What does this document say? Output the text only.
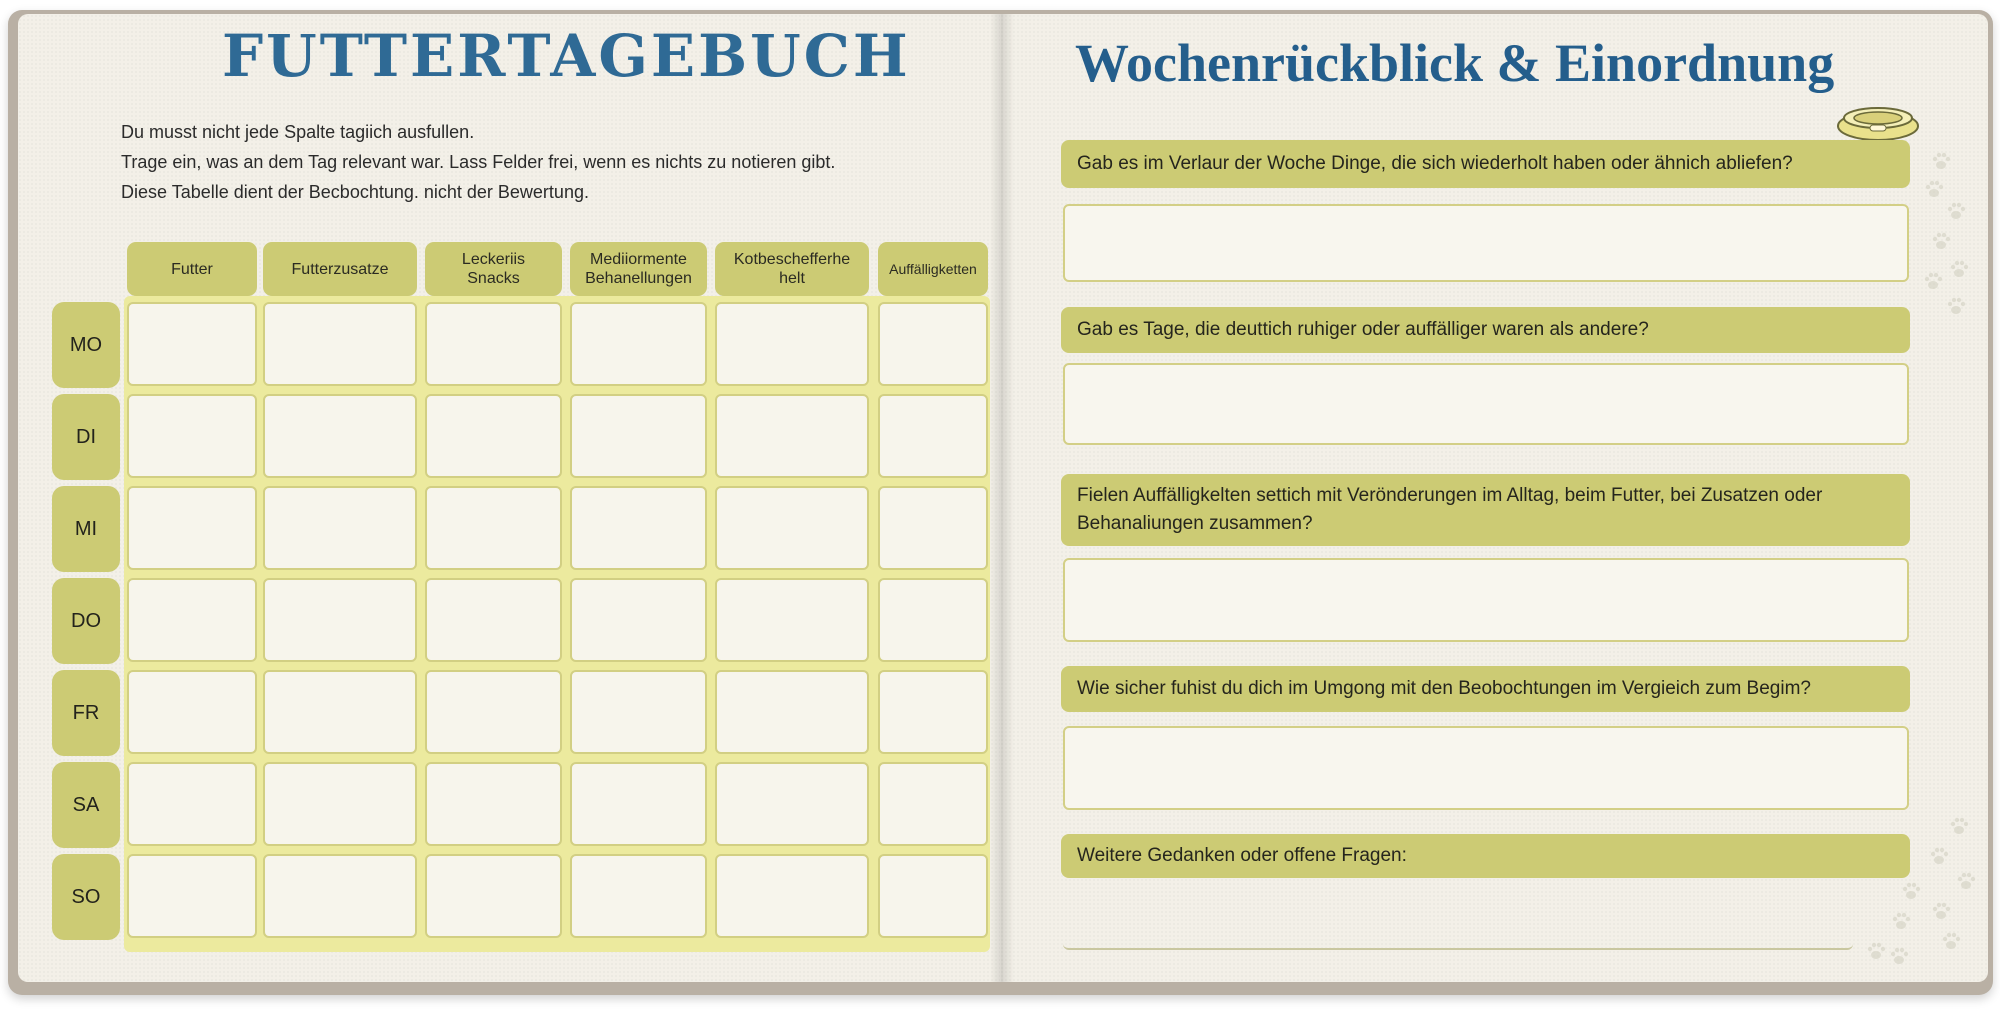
FUTTERTAGEBUCH
Du musst nicht jede Spalte tagiich ausfullen.
Trage ein, was an dem Tag relevant war. Lass Felder frei, wenn es nichts zu notieren gibt.
Diese Tabelle dient der Becbochtung. nicht der Bewertung.
Futter	Futterzusatze
Leckeriis
Snacks
Mediiormente
Behanellungen
Kotbeschefferhe
helt
Auffälligketten
MO
DI
MI
DO
FR
SA
SO
Wochenrückblick & Einordnung
Gab es im Verlaur der Woche Dinge, die sich wiederholt haben oder ähnich abliefen?
Gab es Tage, die deuttich ruhiger oder auffälliger waren als andere?
Fielen Auffälligkelten settich mit Verönderungen im Alltag, beim Futter, bei Zusatzen oder Behanaliungen zusammen?
Wie sicher fuhist du dich im Umgong mit den Beobochtungen im Vergieich zum Begim?
Weitere Gedanken oder offene Fragen:
